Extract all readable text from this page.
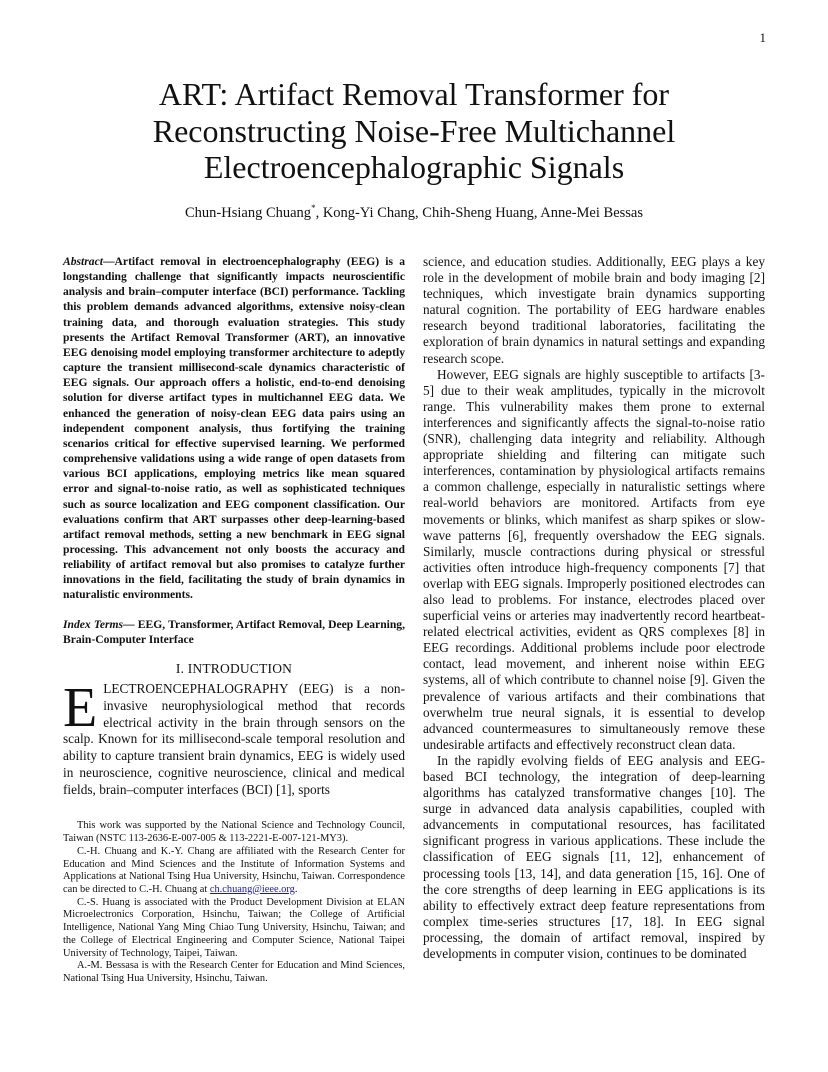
1
ART: Artifact Removal Transformer for Reconstructing Noise-Free Multichannel Electroencephalographic Signals
Chun-Hsiang Chuang*, Kong-Yi Chang, Chih-Sheng Huang, Anne-Mei Bessas

Abstract—Artifact removal in electroencephalography (EEG) is a longstanding challenge that significantly impacts neuroscientific analysis and brain–computer interface (BCI) performance. Tackling this problem demands advanced algorithms, extensive noisy-clean training data, and thorough evaluation strategies. This study presents the Artifact Removal Transformer (ART), an innovative EEG denoising model employing transformer architecture to adeptly capture the transient millisecond-scale dynamics characteristic of EEG signals. Our approach offers a holistic, end-to-end denoising solution for diverse artifact types in multichannel EEG data. We enhanced the generation of noisy-clean EEG data pairs using an independent component analysis, thus fortifying the training scenarios critical for effective supervised learning. We performed comprehensive validations using a wide range of open datasets from various BCI applications, employing metrics like mean squared error and signal-to-noise ratio, as well as sophisticated techniques such as source localization and EEG component classification. Our evaluations confirm that ART surpasses other deep-learning-based artifact removal methods, setting a new benchmark in EEG signal processing. This advancement not only boosts the accuracy and reliability of artifact removal but also promises to catalyze further innovations in the field, facilitating the study of brain dynamics in naturalistic environments.

Index Terms— EEG, Transformer, Artifact Removal, Deep Learning, Brain-Computer Interface

I. INTRODUCTION

ELECTROENCEPHALOGRAPHY (EEG) is a non-invasive neurophysiological method that records electrical activity in the brain through sensors on the scalp. Known for its millisecond-scale temporal resolution and ability to capture transient brain dynamics, EEG is widely used in neuroscience, cognitive neuroscience, clinical and medical fields, brain–computer interfaces (BCI) [1], sports

This work was supported by the National Science and Technology Council, Taiwan (NSTC 113-2636-E-007-005 & 113-2221-E-007-121-MY3).

C.-H. Chuang and K.-Y. Chang are affiliated with the Research Center for Education and Mind Sciences and the Institute of Information Systems and Applications at National Tsing Hua University, Hsinchu, Taiwan. Correspondence can be directed to C.-H. Chuang at ch.chuang@ieee.org.

C.-S. Huang is associated with the Product Development Division at ELAN Microelectronics Corporation, Hsinchu, Taiwan; the College of Artificial Intelligence, National Yang Ming Chiao Tung University, Hsinchu, Taiwan; and the College of Electrical Engineering and Computer Science, National Taipei University of Technology, Taipei, Taiwan.

A.-M. Bessasa is with the Research Center for Education and Mind Sciences, National Tsing Hua University, Hsinchu, Taiwan.

science, and education studies. Additionally, EEG plays a key role in the development of mobile brain and body imaging [2] techniques, which investigate brain dynamics supporting natural cognition. The portability of EEG hardware enables research beyond traditional laboratories, facilitating the exploration of brain dynamics in natural settings and expanding research scope.

However, EEG signals are highly susceptible to artifacts [3-5] due to their weak amplitudes, typically in the microvolt range. This vulnerability makes them prone to external interferences and significantly affects the signal-to-noise ratio (SNR), challenging data integrity and reliability. Although appropriate shielding and filtering can mitigate such interferences, contamination by physiological artifacts remains a common challenge, especially in naturalistic settings where real-world behaviors are monitored. Artifacts from eye movements or blinks, which manifest as sharp spikes or slow-wave patterns [6], frequently overshadow the EEG signals. Similarly, muscle contractions during physical or stressful activities often introduce high-frequency components [7] that overlap with EEG signals. Improperly positioned electrodes can also lead to problems. For instance, electrodes placed over superficial veins or arteries may inadvertently record heartbeat-related electrical activities, evident as QRS complexes [8] in EEG recordings. Additional problems include poor electrode contact, lead movement, and inherent noise within EEG systems, all of which contribute to channel noise [9]. Given the prevalence of various artifacts and their combinations that overwhelm true neural signals, it is essential to develop advanced countermeasures to simultaneously remove these undesirable artifacts and effectively reconstruct clean data.

In the rapidly evolving fields of EEG analysis and EEG-based BCI technology, the integration of deep-learning algorithms has catalyzed transformative changes [10]. The surge in advanced data analysis capabilities, coupled with advancements in computational resources, has facilitated significant progress in various applications. These include the classification of EEG signals [11, 12], enhancement of processing tools [13, 14], and data generation [15, 16]. One of the core strengths of deep learning in EEG applications is its ability to effectively extract deep feature representations from complex time-series structures [17, 18]. In EEG signal processing, the domain of artifact removal, inspired by developments in computer vision, continues to be dominated
